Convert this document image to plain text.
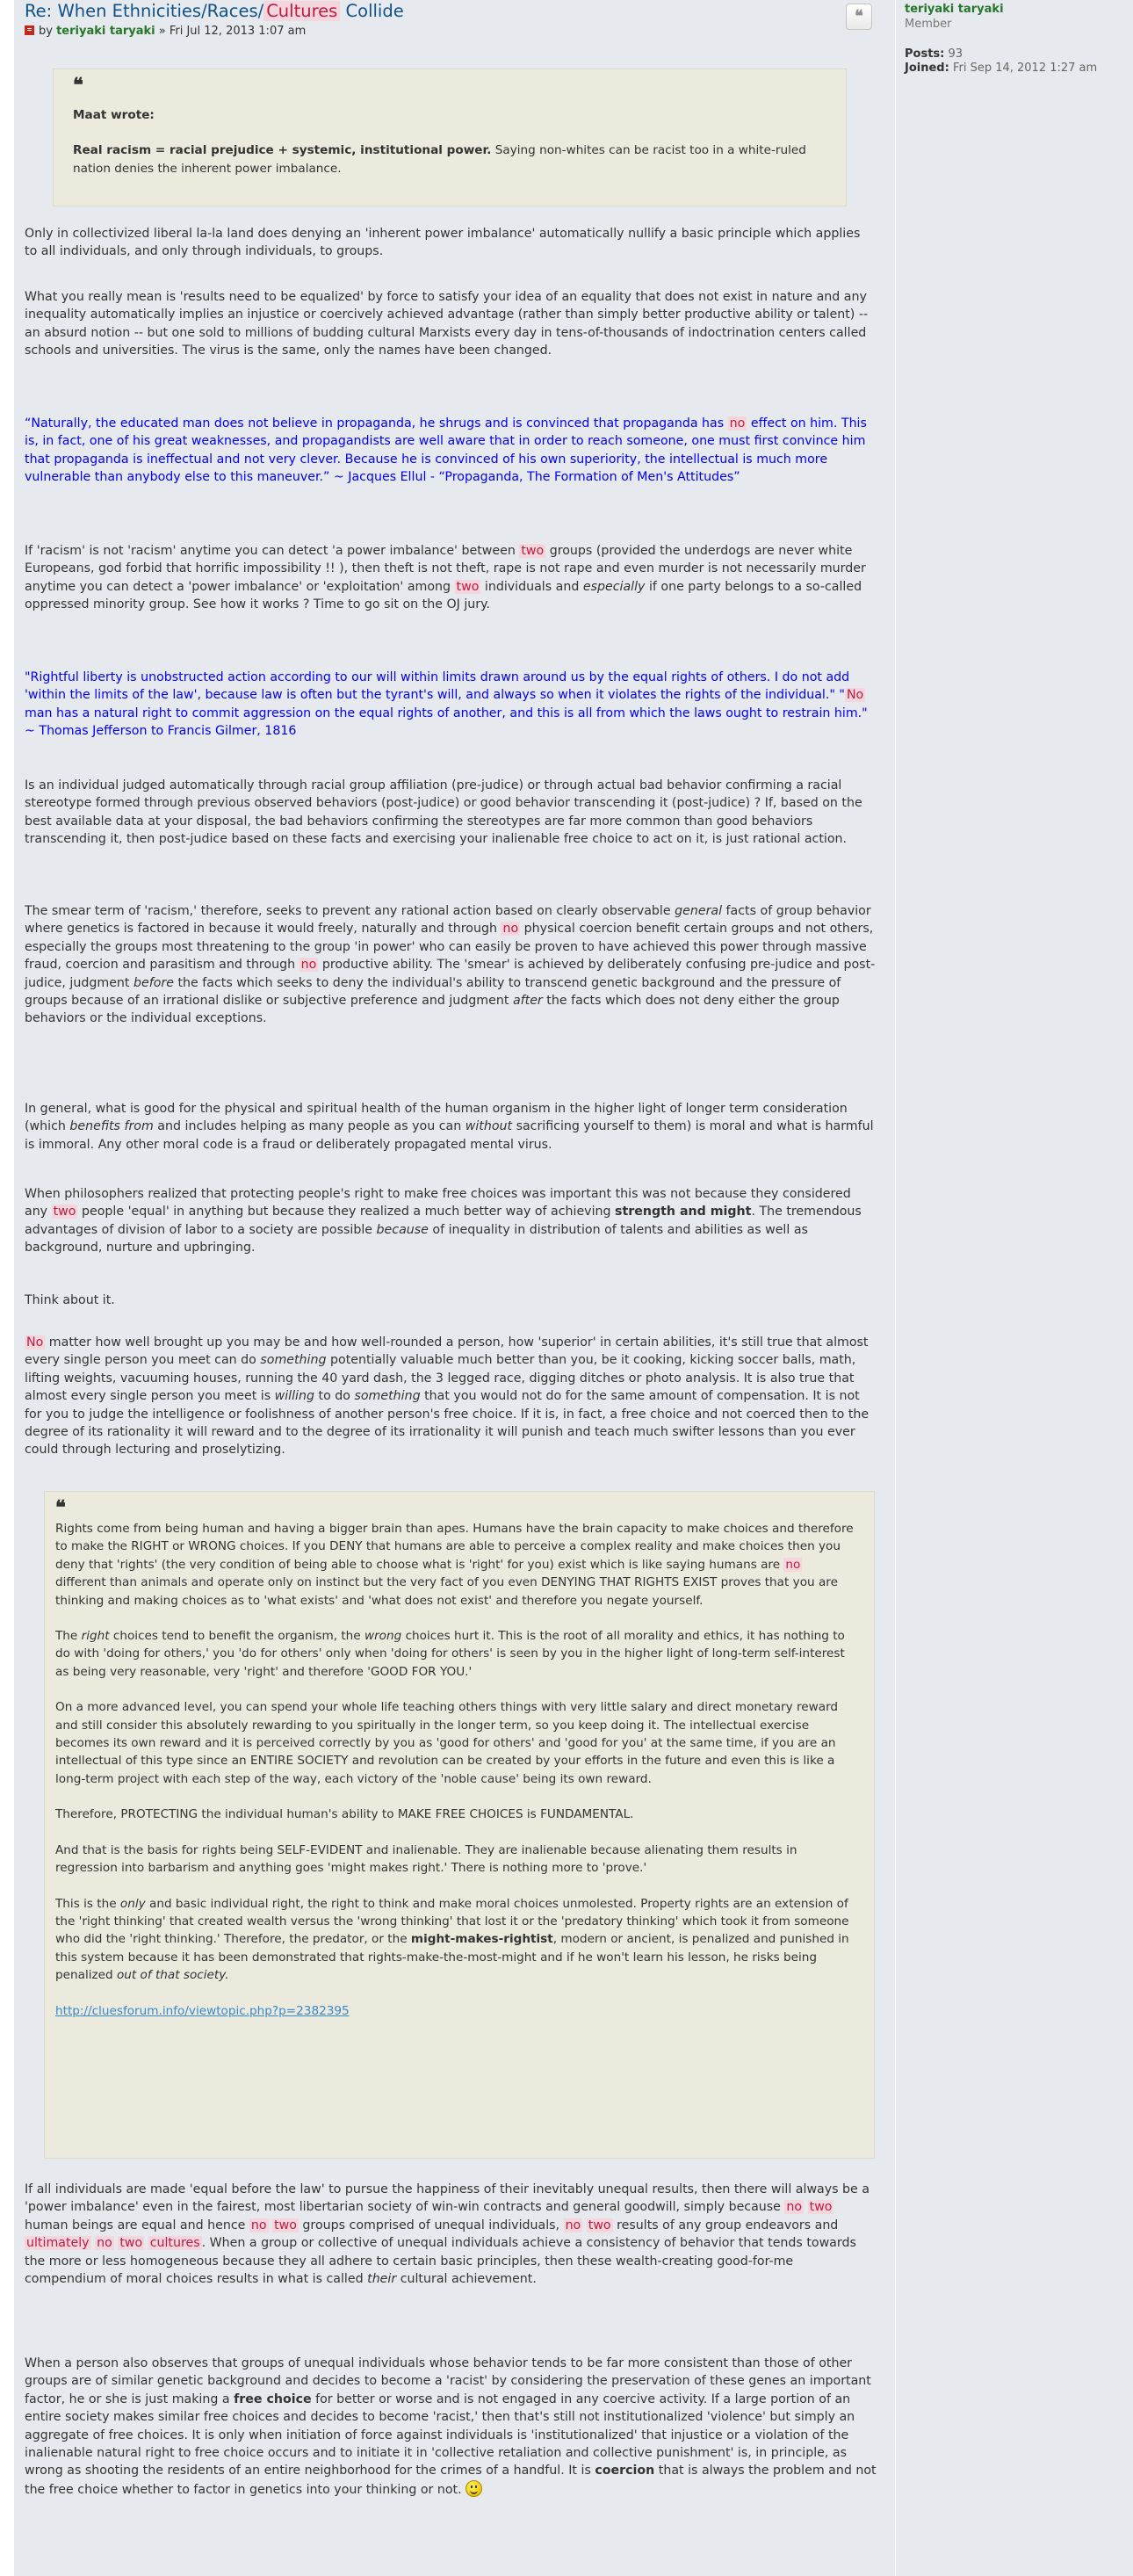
Re: When Ethnicities/Races/ Cultures Collide
by teriyaki taryaki » Fri Jul 12, 2013 1:07 am
❝
❝
Maat wrote:

Real racism = racial prejudice + systemic, institutional power. Saying non-whites can be racist too in a white-ruled nation denies the inherent power imbalance.

Only in collectivized liberal la-la land does denying an 'inherent power imbalance' automatically nullify a basic principle which applies to all individuals, and only through individuals, to groups.

What you really mean is 'results need to be equalized' by force to satisfy your idea of an equality that does not exist in nature and any inequality automatically implies an injustice or coercively achieved advantage (rather than simply better productive ability or talent) -- an absurd notion -- but one sold to millions of budding cultural Marxists every day in tens-of-thousands of indoctrination centers called schools and universities. The virus is the same, only the names have been changed.

“Naturally, the educated man does not believe in propaganda, he shrugs and is convinced that propaganda has no effect on him. This is, in fact, one of his great weaknesses, and propagandists are well aware that in order to reach someone, one must first convince him that propaganda is ineffectual and not very clever. Because he is convinced of his own superiority, the intellectual is much more vulnerable than anybody else to this maneuver.” ~ Jacques Ellul - “Propaganda, The Formation of Men's Attitudes”

If 'racism' is not 'racism' anytime you can detect 'a power imbalance' between two groups (provided the underdogs are never white Europeans, god forbid that horrific impossibility !! ), then theft is not theft, rape is not rape and even murder is not necessarily murder anytime you can detect a 'power imbalance' or 'exploitation' among two individuals and especially if one party belongs to a so-called oppressed minority group. See how it works ? Time to go sit on the OJ jury.

"Rightful liberty is unobstructed action according to our will within limits drawn around us by the equal rights of others. I do not add 'within the limits of the law', because law is often but the tyrant's will, and always so when it violates the rights of the individual." " No man has a natural right to commit aggression on the equal rights of another, and this is all from which the laws ought to restrain him." ~ Thomas Jefferson to Francis Gilmer, 1816

Is an individual judged automatically through racial group affiliation (pre-judice) or through actual bad behavior confirming a racial stereotype formed through previous observed behaviors (post-judice) or good behavior transcending it (post-judice) ? If, based on the best available data at your disposal, the bad behaviors confirming the stereotypes are far more common than good behaviors transcending it, then post-judice based on these facts and exercising your inalienable free choice to act on it, is just rational action.

The smear term of 'racism,' therefore, seeks to prevent any rational action based on clearly observable general facts of group behavior where genetics is factored in because it would freely, naturally and through no physical coercion benefit certain groups and not others, especially the groups most threatening to the group 'in power' who can easily be proven to have achieved this power through massive fraud, coercion and parasitism and through no productive ability. The 'smear' is achieved by deliberately confusing pre-judice and post-judice, judgment before the facts which seeks to deny the individual's ability to transcend genetic background and the pressure of groups because of an irrational dislike or subjective preference and judgment after the facts which does not deny either the group behaviors or the individual exceptions.

In general, what is good for the physical and spiritual health of the human organism in the higher light of longer term consideration (which benefits from and includes helping as many people as you can without sacrificing yourself to them) is moral and what is harmful is immoral. Any other moral code is a fraud or deliberately propagated mental virus.

When philosophers realized that protecting people's right to make free choices was important this was not because they considered any two people 'equal' in anything but because they realized a much better way of achieving strength and might. The tremendous advantages of division of labor to a society are possible because of inequality in distribution of talents and abilities as well as background, nurture and upbringing.

Think about it.

No matter how well brought up you may be and how well-rounded a person, how 'superior' in certain abilities, it's still true that almost every single person you meet can do something potentially valuable much better than you, be it cooking, kicking soccer balls, math, lifting weights, vacuuming houses, running the 40 yard dash, the 3 legged race, digging ditches or photo analysis. It is also true that almost every single person you meet is willing to do something that you would not do for the same amount of compensation. It is not for you to judge the intelligence or foolishness of another person's free choice. If it is, in fact, a free choice and not coerced then to the degree of its rationality it will reward and to the degree of its irrationality it will punish and teach much swifter lessons than you ever could through lecturing and proselytizing.

❝

Rights come from being human and having a bigger brain than apes. Humans have the brain capacity to make choices and therefore to make the RIGHT or WRONG choices. If you DENY that humans are able to perceive a complex reality and make choices then you deny that 'rights' (the very condition of being able to choose what is 'right' for you) exist which is like saying humans are no different than animals and operate only on instinct but the very fact of you even DENYING THAT RIGHTS EXIST proves that you are thinking and making choices as to 'what exists' and 'what does not exist' and therefore you negate yourself.

The right choices tend to benefit the organism, the wrong choices hurt it. This is the root of all morality and ethics, it has nothing to do with 'doing for others,' you 'do for others' only when 'doing for others' is seen by you in the higher light of long-term self-interest as being very reasonable, very 'right' and therefore 'GOOD FOR YOU.'

On a more advanced level, you can spend your whole life teaching others things with very little salary and direct monetary reward and still consider this absolutely rewarding to you spiritually in the longer term, so you keep doing it. The intellectual exercise becomes its own reward and it is perceived correctly by you as 'good for others' and 'good for you' at the same time, if you are an intellectual of this type since an ENTIRE SOCIETY and revolution can be created by your efforts in the future and even this is like a long-term project with each step of the way, each victory of the 'noble cause' being its own reward.

Therefore, PROTECTING the individual human's ability to MAKE FREE CHOICES is FUNDAMENTAL.

And that is the basis for rights being SELF-EVIDENT and inalienable. They are inalienable because alienating them results in regression into barbarism and anything goes 'might makes right.' There is nothing more to 'prove.'

This is the only and basic individual right, the right to think and make moral choices unmolested. Property rights are an extension of the 'right thinking' that created wealth versus the 'wrong thinking' that lost it or the 'predatory thinking' which took it from someone who did the 'right thinking.' Therefore, the predator, or the might-makes-rightist, modern or ancient, is penalized and punished in this system because it has been demonstrated that rights-make-the-most-might and if he won't learn his lesson, he risks being penalized out of that society.

http://cluesforum.info/viewtopic.php?p=2382395

If all individuals are made 'equal before the law' to pursue the happiness of their inevitably unequal results, then there will always be a 'power imbalance' even in the fairest, most libertarian society of win-win contracts and general goodwill, simply because no two human beings are equal and hence no two groups comprised of unequal individuals, no two results of any group endeavors and ultimately no two cultures . When a group or collective of unequal individuals achieve a consistency of behavior that tends towards the more or less homogeneous because they all adhere to certain basic principles, then these wealth-creating good-for-me compendium of moral choices results in what is called their cultural achievement.

When a person also observes that groups of unequal individuals whose behavior tends to be far more consistent than those of other groups are of similar genetic background and decides to become a 'racist' by considering the preservation of these genes an important factor, he or she is just making a free choice for better or worse and is not engaged in any coercive activity. If a large portion of an entire society makes similar free choices and decides to become 'racist,' then that's still not institutionalized 'violence' but simply an aggregate of free choices. It is only when initiation of force against individuals is 'institutionalized' that injustice or a violation of the inalienable natural right to free choice occurs and to initiate it in 'collective retaliation and collective punishment' is, in principle, as wrong as shooting the residents of an entire neighborhood for the crimes of a handful. It is coercion that is always the problem and not the free choice whether to factor in genetics into your thinking or not.

teriyaki taryaki
Member
Posts: 93
Joined: Fri Sep 14, 2012 1:27 am
